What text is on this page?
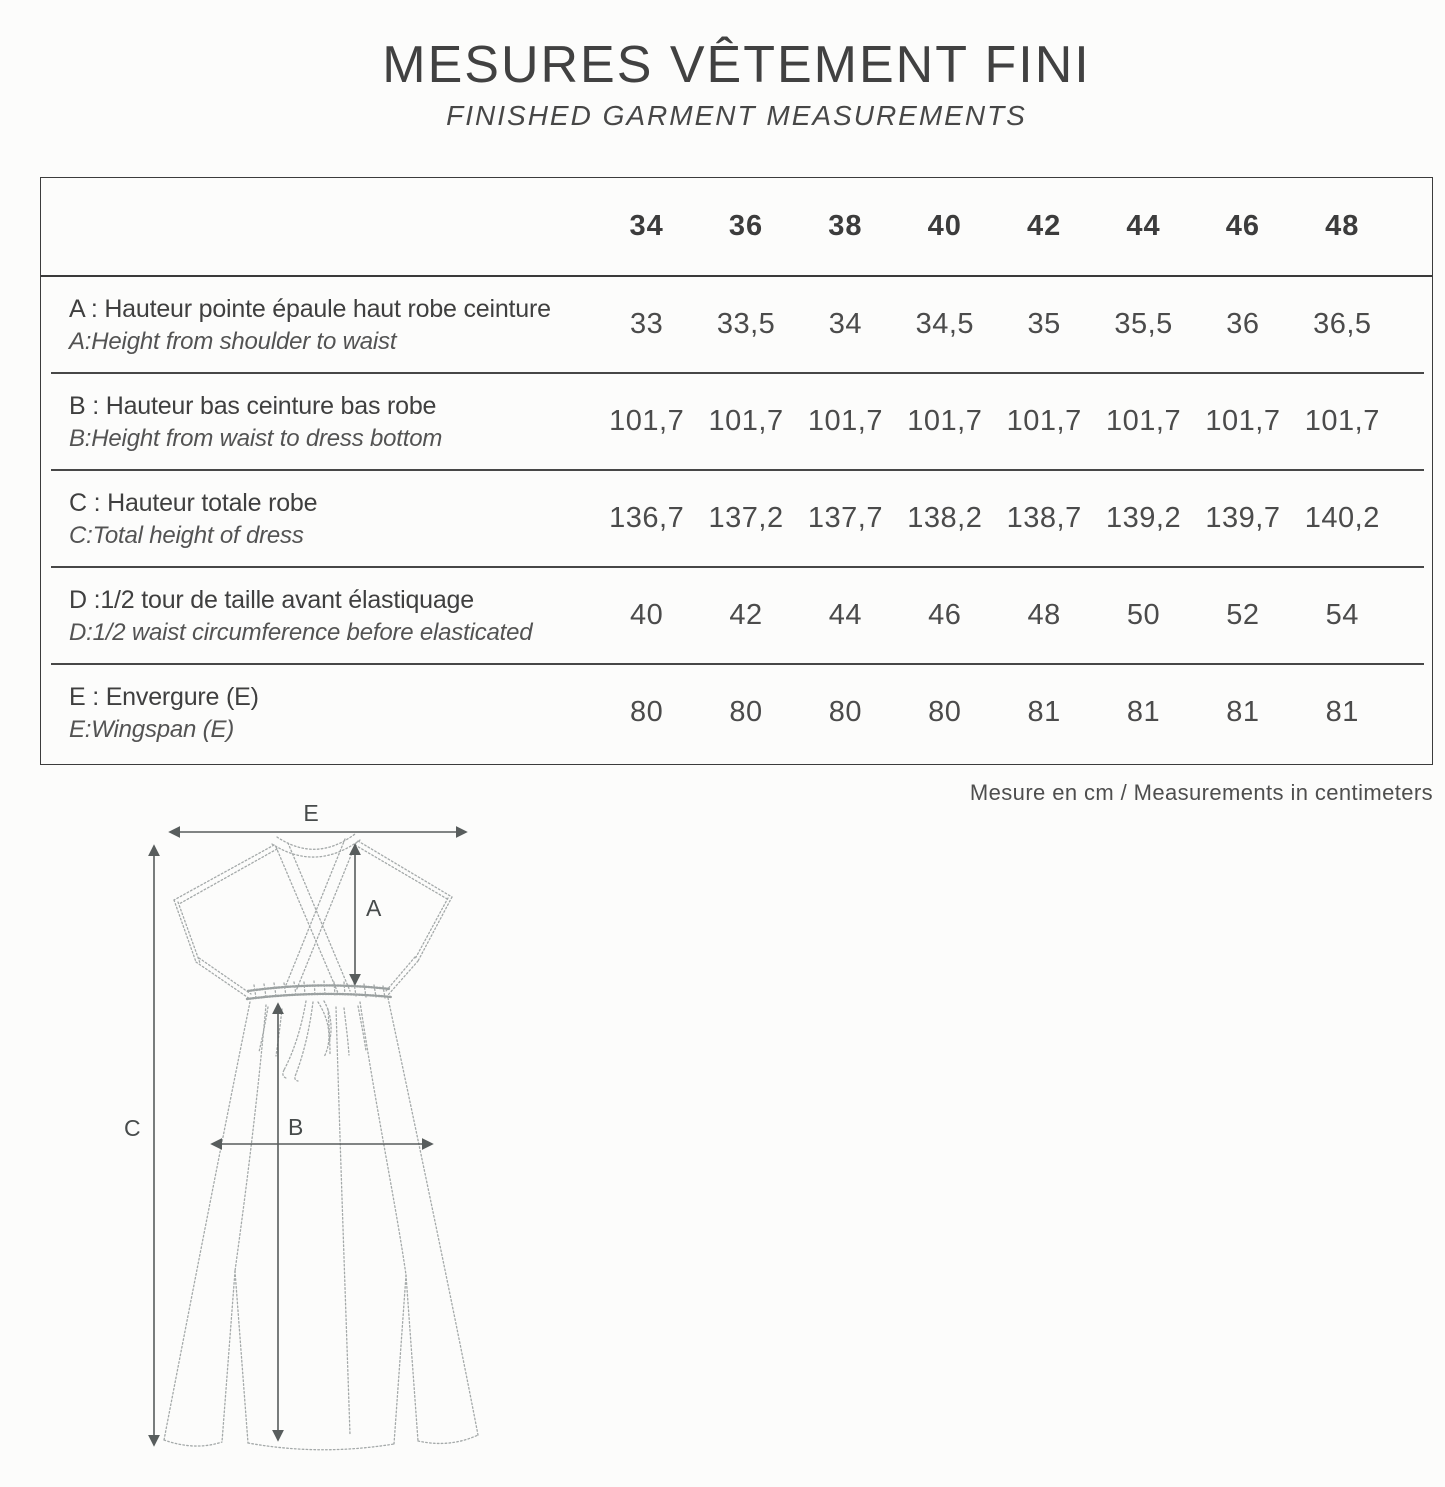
MESURES VÊTEMENT FINI
FINISHED GARMENT MEASUREMENTS
34	36	38	40	42	44	46	48
A : Hauteur pointe épaule haut robe ceinture
A:Height from shoulder to waist
33	33,5	34	34,5	35	35,5	36	36,5
B : Hauteur bas ceinture bas robe
B:Height from waist to dress bottom
101,7 101,7 101,7 101,7 101,7 101,7 101,7 101,7
C : Hauteur totale robe
C:Total height of dress
136,7 137,2 137,7 138,2 138,7 139,2 139,7 140,2
D :1/2 tour de taille avant élastiquage
D:1/2 waist circumference before elasticated
40	42	44	46	48	50	52	54
E : Envergure (E)
E:Wingspan (E)
80	80	80	80	81	81	81	81
Mesure en cm / Measurements in centimeters
E
A
C	B
